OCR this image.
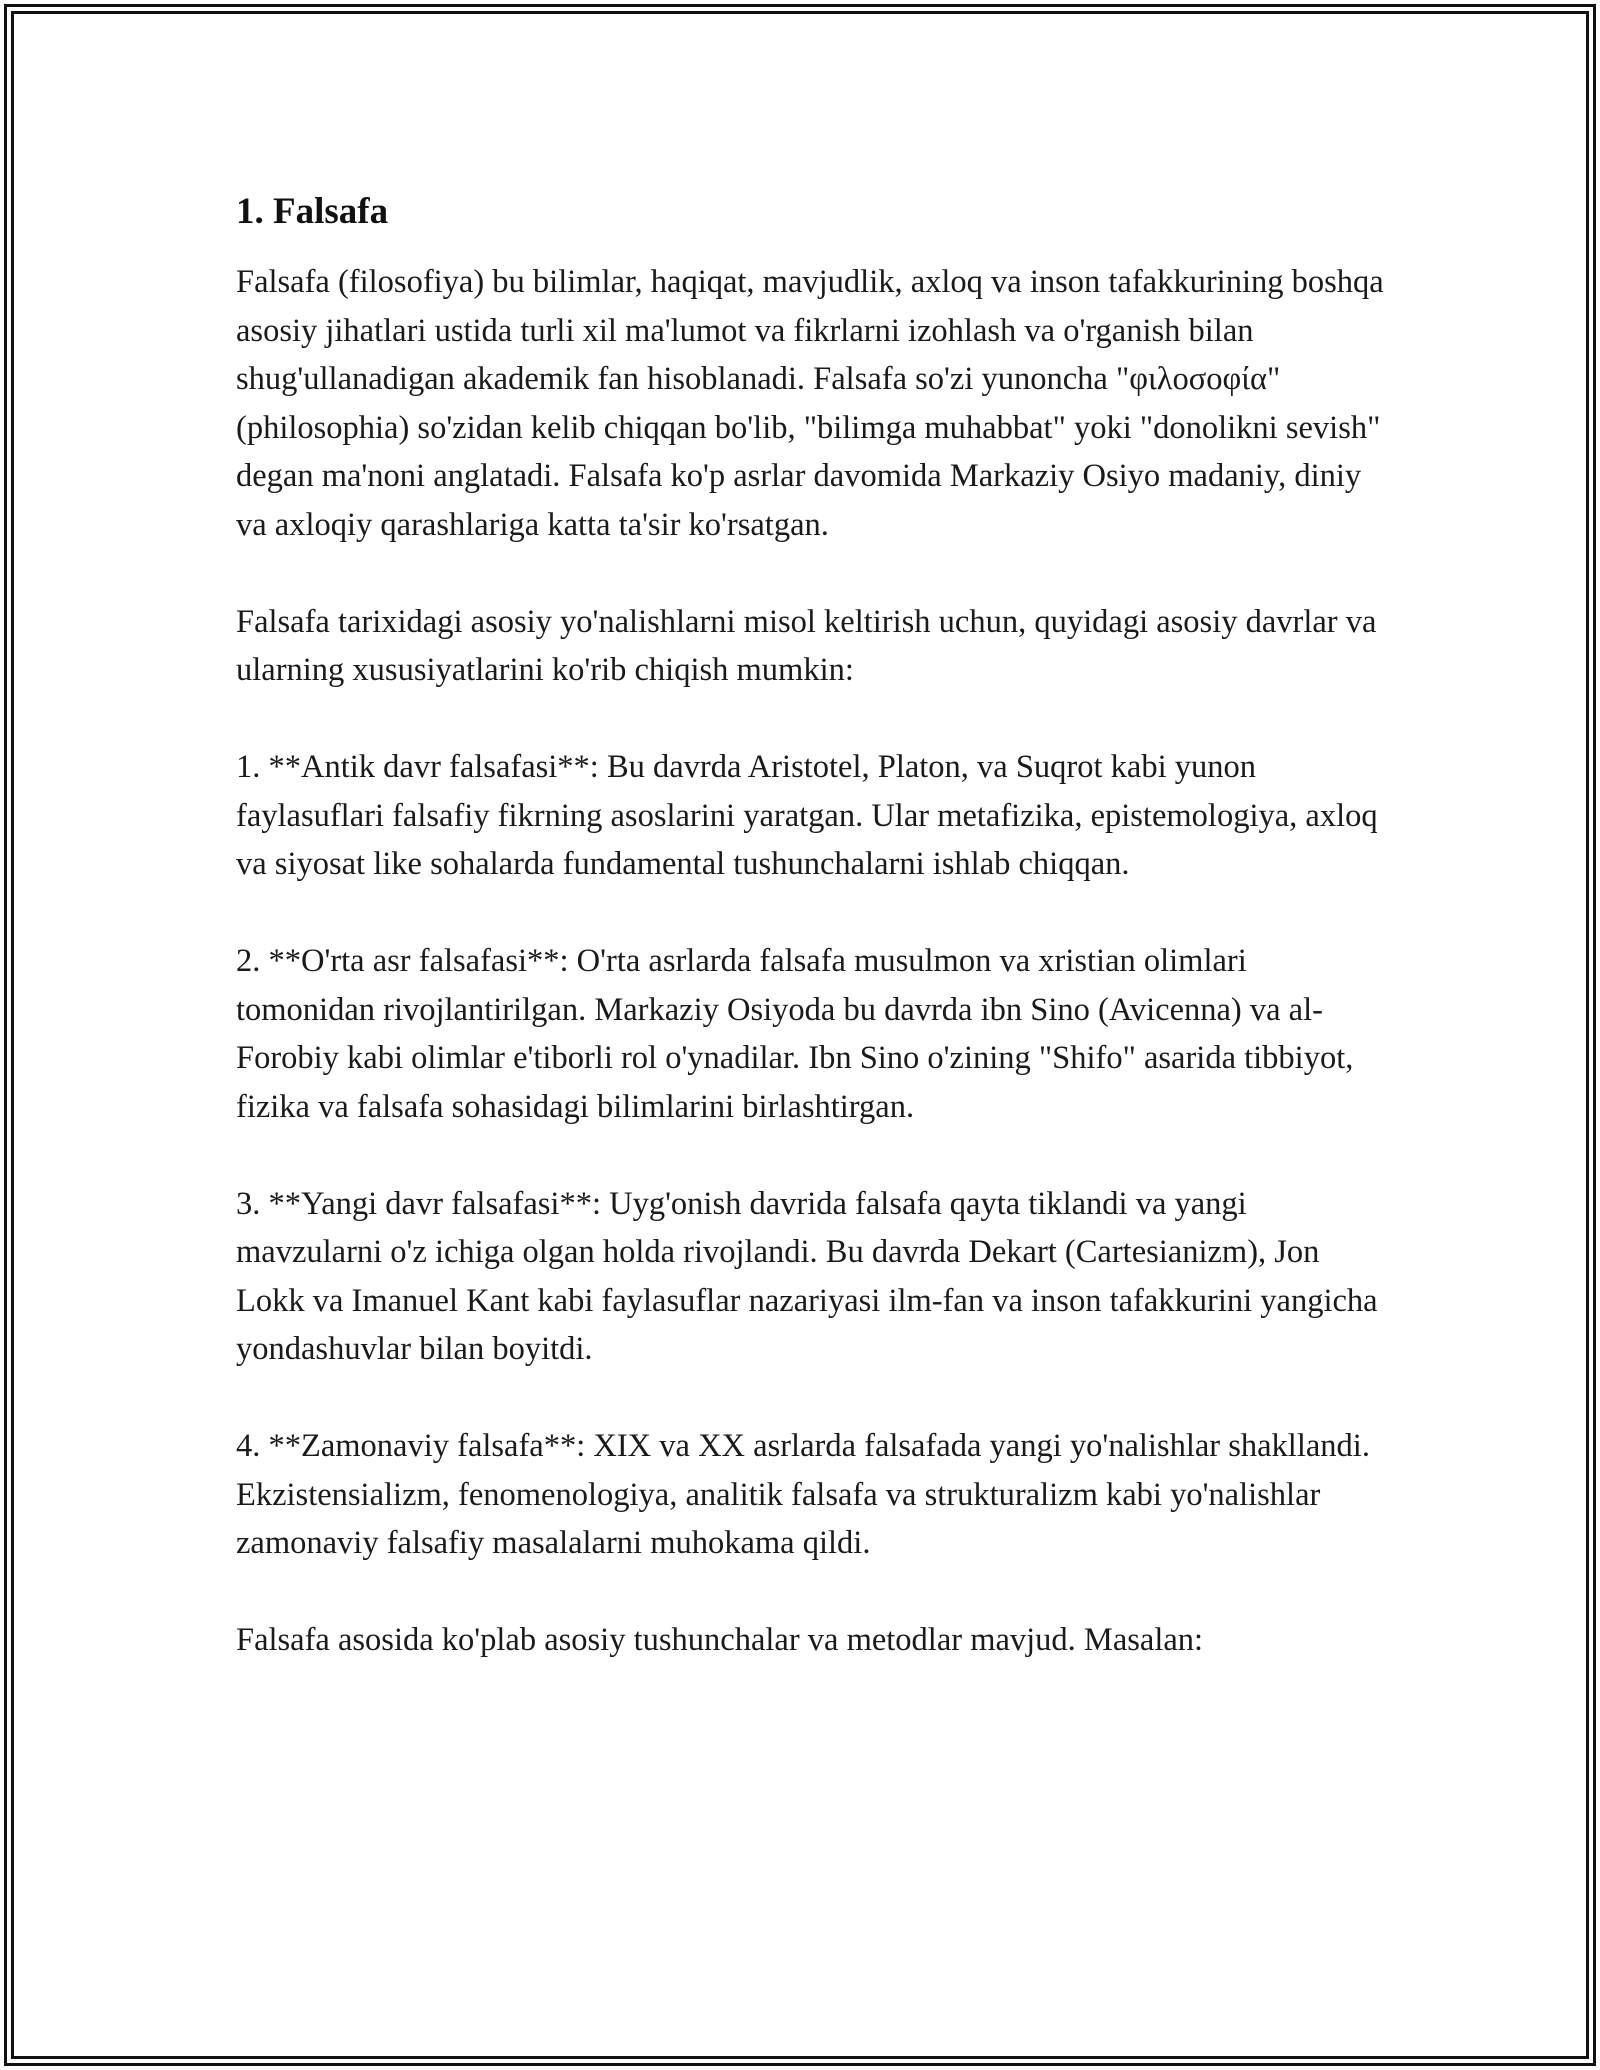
1. Falsafa

Falsafa (filosofiya) bu bilimlar, haqiqat, mavjudlik, axloq va inson tafakkurining boshqa asosiy jihatlari ustida turli xil ma'lumot va fikrlarni izohlash va o'rganish bilan shug'ullanadigan akademik fan hisoblanadi. Falsafa so'zi yunoncha "φιλοσοφία" (philosophia) so'zidan kelib chiqqan bo'lib, "bilimga muhabbat" yoki "donolikni sevish" degan ma'noni anglatadi. Falsafa ko'p asrlar davomida Markaziy Osiyo madaniy, diniy va axloqiy qarashlariga katta ta'sir ko'rsatgan.

Falsafa tarixidagi asosiy yo'nalishlarni misol keltirish uchun, quyidagi asosiy davrlar va ularning xususiyatlarini ko'rib chiqish mumkin:

1. **Antik davr falsafasi**: Bu davrda Aristotel, Platon, va Suqrot kabi yunon faylasuflari falsafiy fikrning asoslarini yaratgan. Ular metafizika, epistemologiya, axloq va siyosat like sohalarda fundamental tushunchalarni ishlab chiqqan.

2. **O'rta asr falsafasi**: O'rta asrlarda falsafa musulmon va xristian olimlari tomonidan rivojlantirilgan. Markaziy Osiyoda bu davrda ibn Sino (Avicenna) va al-Forobiy kabi olimlar e'tiborli rol o'ynadilar. Ibn Sino o'zining "Shifo" asarida tibbiyot, fizika va falsafa sohasidagi bilimlarini birlashtirgan.

3. **Yangi davr falsafasi**: Uyg'onish davrida falsafa qayta tiklandi va yangi mavzularni o'z ichiga olgan holda rivojlandi. Bu davrda Dekart (Cartesianizm), Jon Lokk va Imanuel Kant kabi faylasuflar nazariyasi ilm-fan va inson tafakkurini yangicha yondashuvlar bilan boyitdi.

4. **Zamonaviy falsafa**: XIX va XX asrlarda falsafada yangi yo'nalishlar shakllandi. Ekzistensializm, fenomenologiya, analitik falsafa va strukturalizm kabi yo'nalishlar zamonaviy falsafiy masalalarni muhokama qildi.

Falsafa asosida ko'plab asosiy tushunchalar va metodlar mavjud. Masalan:
